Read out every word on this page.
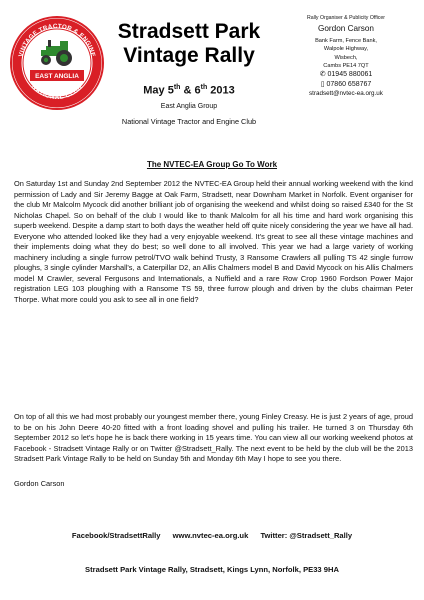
VINTAGE TRACTOR & ENGINE
NATIONAL CLUB
EAST ANGLIA
Stradsett Park
Vintage Rally
May 5th & 6th 2013
East Anglia Group
National Vintage Tractor and Engine Club
Rally Organiser & Publicity Officer
Gordon Carson
Bank Farm, Fence Bank,
Walpole Highway,
Wisbech,
Cambs PE14 7QT
✆ 01945 880061
▯ 07860 658767
stradsett@nvtec-ea.org.uk
The NVTEC-EA Group Go To Work

On Saturday 1st and Sunday 2nd September 2012 the NVTEC-EA Group held their annual working weekend with the kind permission of Lady and Sir Jeremy Bagge at Oak Farm, Stradsett, near Downham Market in Norfolk. Event organiser for the club Mr Malcolm Mycock did another brilliant job of organising the weekend and whilst doing so raised £340 for the St Nicholas Chapel. So on behalf of the club I would like to thank Malcolm for all his time and hard work organising this superb weekend. Despite a damp start to both days the weather held off quite nicely considering the year we have all had. Everyone who attended looked like they had a very enjoyable weekend. It's great to see all these vintage machines and their implements doing what they do best; so well done to all involved. This year we had a large variety of working machinery including a single furrow petrol/TVO walk behind Trusty, 3 Ransome Crawlers all pulling TS 42 single furrow ploughs, 3 single cylinder Marshall's, a Caterpillar D2, an Allis Chalmers model B and David Mycock on his Allis Chalmers model M Crawler, several Fergusons and Internationals, a Nuffield and a rare Row Crop 1960 Fordson Power Major registration LEG 103 ploughing with a Ransome TS 59, three furrow plough and driven by the clubs chairman Peter Thorpe. What more could you ask to see all in one field?

On top of all this we had most probably our youngest member there, young Finley Creasy. He is just 2 years of age, proud to be on his John Deere 40-20 fitted with a front loading shovel and pulling his trailer. He turned 3 on Thursday 6th September 2012 so let's hope he is back there working in 15 years time. You can view all our working weekend photos at Facebook - Stradsett Vintage Rally or on Twitter @Stradsett_Rally. The next event to be held by the club will be the 2013 Stradsett Park Vintage Rally to be held on Sunday 5th and Monday 6th May I hope to see you there.

Gordon Carson
Facebook/StradsettRally www.nvtec-ea.org.uk Twitter: @Stradsett_Rally
Stradsett Park Vintage Rally, Stradsett, Kings Lynn, Norfolk, PE33 9HA
